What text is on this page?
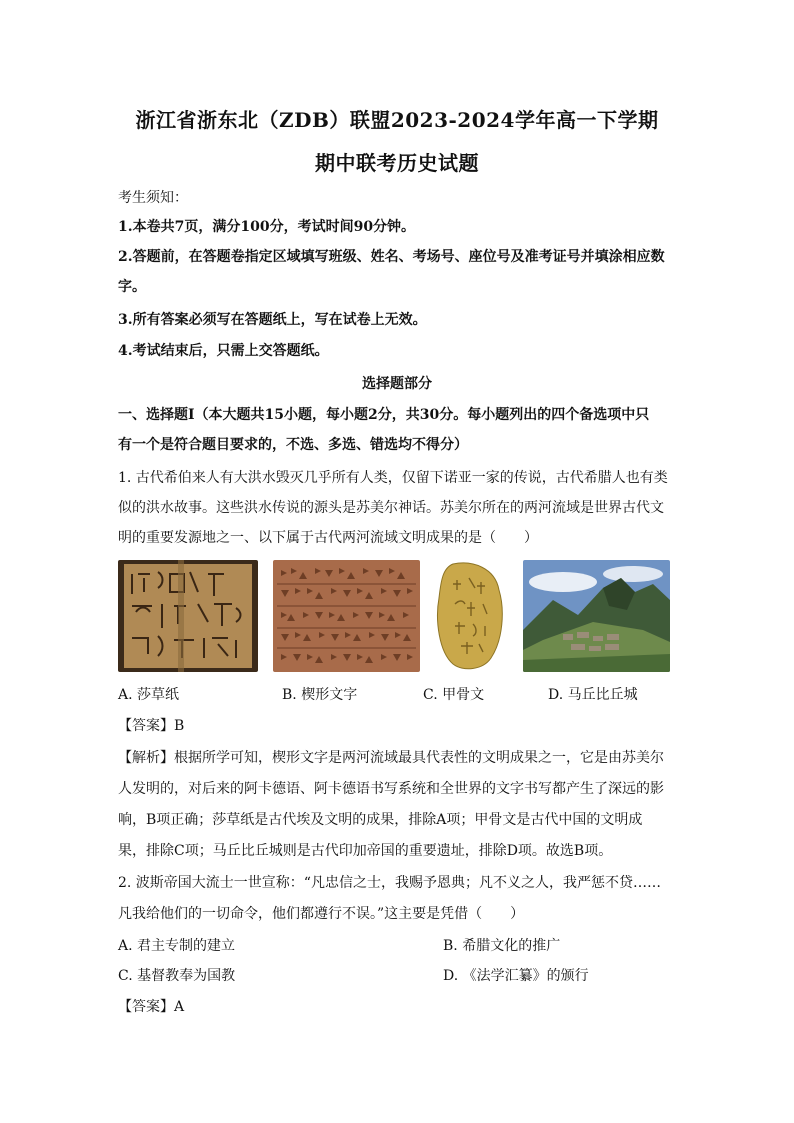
浙江省浙东北（ZDB）联盟2023-2024学年高一下学期
期中联考历史试题
考生须知：
1.本卷共7页，满分100分，考试时间90分钟。
2.答题前，在答题卷指定区域填写班级、姓名、考场号、座位号及准考证号并填涂相应数
字。
3.所有答案必须写在答题纸上，写在试卷上无效。
4.考试结束后，只需上交答题纸。
选择题部分
一、选择题Ⅰ（本大题共15小题，每小题2分，共30分。每小题列出的四个备选项中只
有一个是符合题目要求的，不选、多选、错选均不得分）
1. 古代希伯来人有大洪水毁灭几乎所有人类，仅留下诺亚一家的传说，古代希腊人也有类
似的洪水故事。这些洪水传说的源头是苏美尔神话。苏美尔所在的两河流域是世界古代文
明的重要发源地之一、以下属于古代两河流域文明成果的是（　　）
A. 莎草纸	B. 楔形文字	C. 甲骨文	D. 马丘比丘城
【答案】B
【解析】根据所学可知，楔形文字是两河流域最具代表性的文明成果之一，它是由苏美尔
人发明的，对后来的阿卡德语、阿卡德语书写系统和全世界的文字书写都产生了深远的影
响，B项正确；莎草纸是古代埃及文明的成果，排除A项；甲骨文是古代中国的文明成
果，排除C项；马丘比丘城则是古代印加帝国的重要遗址，排除D项。故选B项。
2. 波斯帝国大流士一世宣称：“凡忠信之士，我赐予恩典；凡不义之人，我严惩不贷……
凡我给他们的一切命令，他们都遵行不误。”这主要是凭借（　　）
A. 君主专制的建立	B. 希腊文化的推广
C. 基督教奉为国教	D. 《法学汇纂》的颁行
【答案】A
